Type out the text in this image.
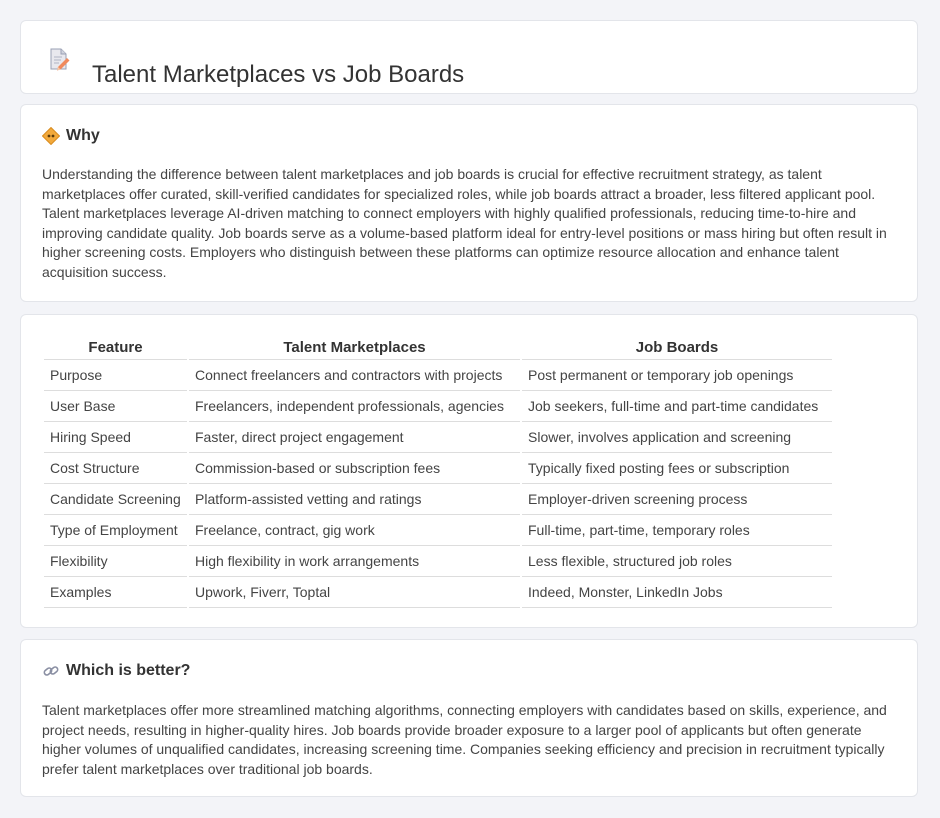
Talent Marketplaces vs Job Boards
Why
Understanding the difference between talent marketplaces and job boards is crucial for effective recruitment strategy, as talent marketplaces offer curated, skill-verified candidates for specialized roles, while job boards attract a broader, less filtered applicant pool. Talent marketplaces leverage AI-driven matching to connect employers with highly qualified professionals, reducing time-to-hire and improving candidate quality. Job boards serve as a volume-based platform ideal for entry-level positions or mass hiring but often result in higher screening costs. Employers who distinguish between these platforms can optimize resource allocation and enhance talent acquisition success.
Feature	Talent Marketplaces	Job Boards
Purpose	Connect freelancers and contractors with projects	Post permanent or temporary job openings
User Base	Freelancers, independent professionals, agencies	Job seekers, full-time and part-time candidates
Hiring Speed	Faster, direct project engagement	Slower, involves application and screening
Cost Structure	Commission-based or subscription fees	Typically fixed posting fees or subscription
Candidate Screening	Platform-assisted vetting and ratings	Employer-driven screening process
Type of Employment	Freelance, contract, gig work	Full-time, part-time, temporary roles
Flexibility	High flexibility in work arrangements	Less flexible, structured job roles
Examples	Upwork, Fiverr, Toptal	Indeed, Monster, LinkedIn Jobs
Which is better?
Talent marketplaces offer more streamlined matching algorithms, connecting employers with candidates based on skills, experience, and project needs, resulting in higher-quality hires. Job boards provide broader exposure to a larger pool of applicants but often generate higher volumes of unqualified candidates, increasing screening time. Companies seeking efficiency and precision in recruitment typically prefer talent marketplaces over traditional job boards.
